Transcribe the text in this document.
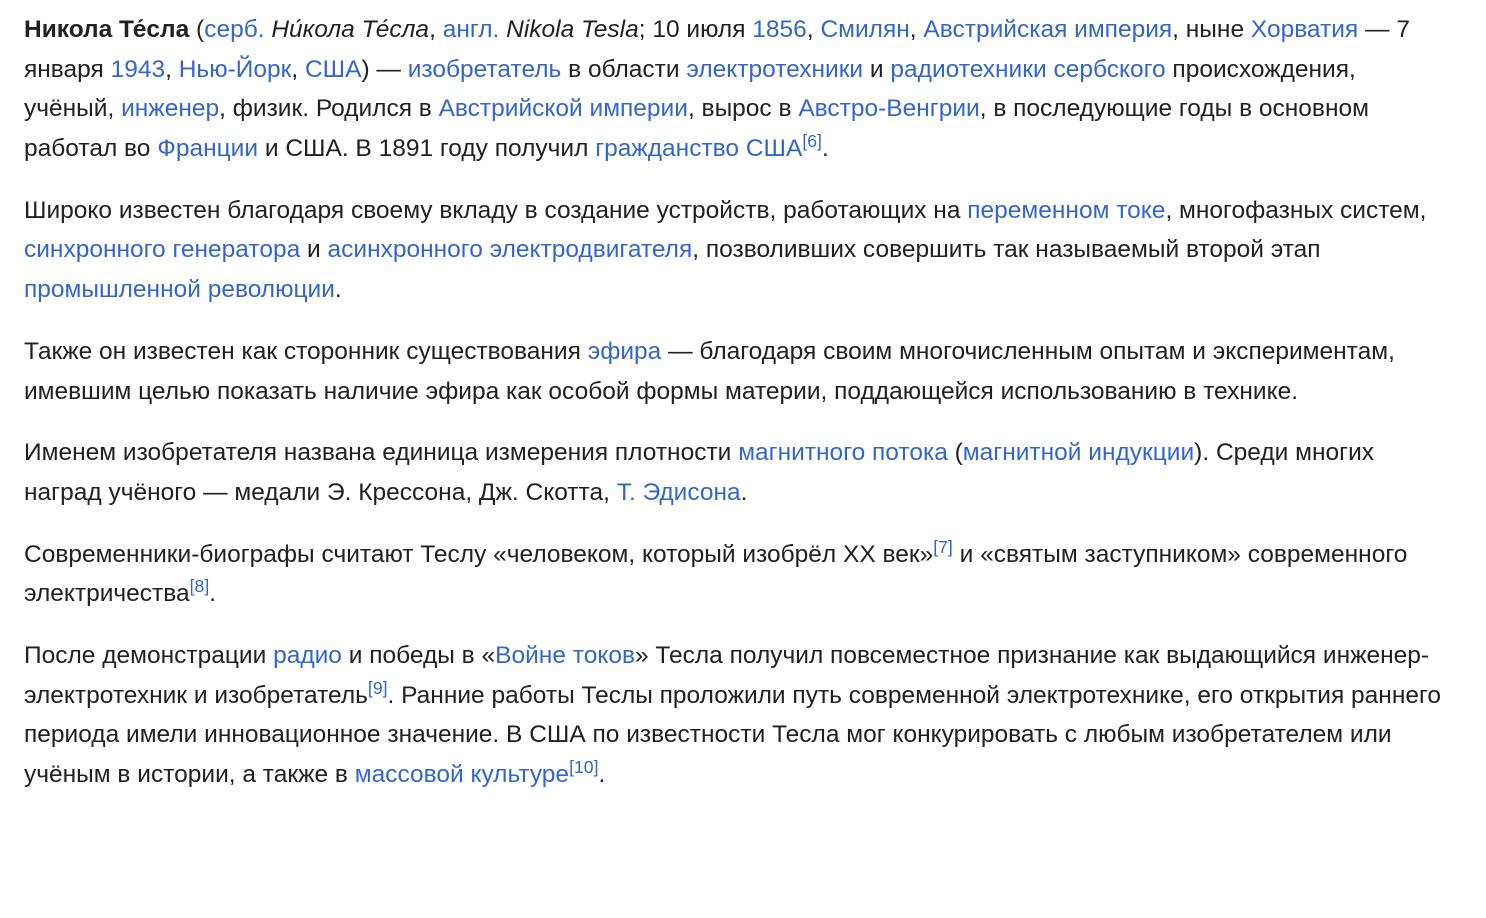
Никола Те́сла (серб. Ни́кола Те́сла, англ. Nikola Tesla; 10 июля 1856, Смилян, Австрийская империя, ныне Хорватия — 7 января 1943, Нью-Йорк, США) — изобретатель в области электротехники и радиотехники сербского происхождения, учёный, инженер, физик. Родился в Австрийской империи, вырос в Австро-Венгрии, в последующие годы в основном работал во Франции и США. В 1891 году получил гражданство США[6].

Широко известен благодаря своему вкладу в создание устройств, работающих на переменном токе, многофазных систем, синхронного генератора и асинхронного электродвигателя, позволивших совершить так называемый второй этап промышленной революции.

Также он известен как сторонник существования эфира — благодаря своим многочисленным опытам и экспериментам, имевшим целью показать наличие эфира как особой формы материи, поддающейся использованию в технике.

Именем изобретателя названа единица измерения плотности магнитного потока (магнитной индукции). Среди многих наград учёного — медали Э. Крессона, Дж. Скотта, Т. Эдисона.

Современники-биографы считают Теслу «человеком, который изобрёл XX век»[7] и «святым заступником» современного электричества[8].

После демонстрации радио и победы в «Войне токов» Тесла получил повсеместное признание как выдающийся инженер-электротехник и изобретатель[9]. Ранние работы Теслы проложили путь современной электротехнике, его открытия раннего периода имели инновационное значение. В США по известности Тесла мог конкурировать с любым изобретателем или учёным в истории, а также в массовой культуре[10].
